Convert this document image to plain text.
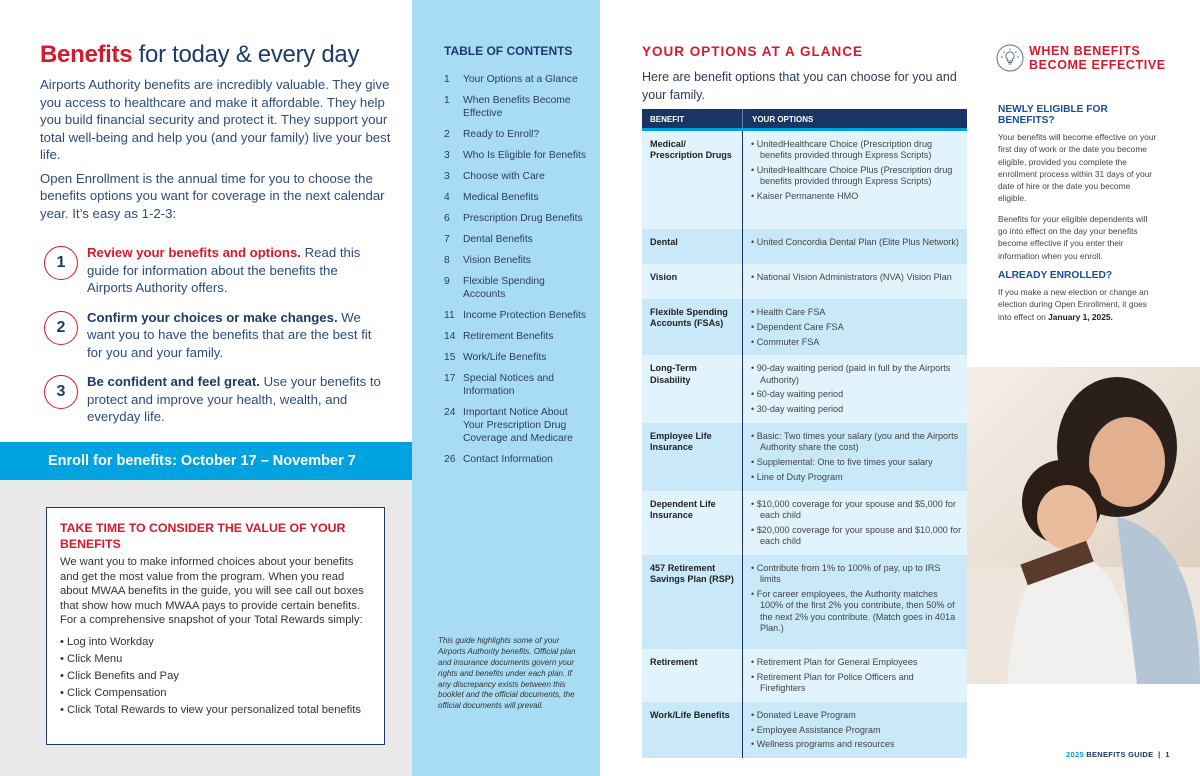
Benefits for today & every day

Airports Authority benefits are incredibly valuable. They give you access to healthcare and make it affordable. They help you build financial security and protect it. They support your total well-being and help you (and your family) live your best life.

Open Enrollment is the annual time for you to choose the benefits options you want for coverage in the next calendar year. It’s easy as 1-2-3:

1

Review your benefits and options. Read this guide for information about the benefits the Airports Authority offers.

2

Confirm your choices or make changes. We want you to have the benefits that are the best fit for you and your family.

3

Be confident and feel great. Use your benefits to protect and improve your health, wealth, and everyday life.

Enroll for benefits: October 17 – November 7
TAKE TIME TO CONSIDER THE VALUE OF YOUR BENEFITS

We want you to make informed choices about your benefits and get the most value from the program. When you read about MWAA benefits in the guide, you will see call out boxes that show how much MWAA pays to provide certain benefits. For a comprehensive snapshot of your Total Rewards simply:

• Log into Workday
• Click Menu
• Click Benefits and Pay
• Click Compensation
• Click Total Rewards to view your personalized total benefits
TABLE OF CONTENTS
1	Your Options at a Glance
1	When Benefits Become Effective
2	Ready to Enroll?
3	Who Is Eligible for Benefits
3	Choose with Care
4	Medical Benefits
6	Prescription Drug Benefits
7	Dental Benefits
8	Vision Benefits
9	Flexible Spending Accounts
11 Income Protection Benefits
14 Retirement Benefits
15 Work/Life Benefits
17 Special Notices and Information
24 Important Notice About Your Prescription Drug Coverage and Medicare
26 Contact Information

This guide highlights some of your Airports Authority benefits. Official plan and insurance documents govern your rights and benefits under each plan. If any discrepancy exists between this booklet and the official documents, the official documents will prevail.

YOUR OPTIONS AT A GLANCE

Here are benefit options that you can choose for you and your family.

BENEFIT	YOUR OPTIONS
Medical/ Prescription Drugs
• UnitedHealthcare Choice (Prescription drug benefits provided through Express Scripts)
• UnitedHealthcare Choice Plus (Prescription drug benefits provided through Express Scripts)
• Kaiser Permanente HMO
Dental	• United Concordia Dental Plan (Elite Plus Network)
Vision	• National Vision Administrators (NVA) Vision Plan
Flexible Spending Accounts (FSAs)
• Health Care FSA
• Dependent Care FSA
• Commuter FSA
Long-Term Disability
• 90-day waiting period (paid in full by the Airports Authority)
• 60-day waiting period
• 30-day waiting period
Employee Life Insurance
• Basic: Two times your salary (you and the Airports Authority share the cost)
• Supplemental: One to five times your salary
• Line of Duty Program
Dependent Life Insurance
• $10,000 coverage for your spouse and $5,000 for each child
• $20,000 coverage for your spouse and $10,000 for each child
457 Retirement Savings Plan (RSP)
• Contribute from 1% to 100% of pay, up to IRS limits
• For career employees, the Authority matches 100% of the first 2% you contribute, then 50% of the next 2% you contribute. (Match goes in 401a Plan.)
Retirement	• Retirement Plan for General Employees
• Retirement Plan for Police Officers and Firefighters
Work/Life Benefits	• Donated Leave Program
• Employee Assistance Program
• Wellness programs and resources
WHEN BENEFITS BECOME EFFECTIVE
NEWLY ELIGIBLE FOR BENEFITS?

Your benefits will become effective on your first day of work or the date you become eligible, provided you complete the enrollment process within 31 days of your date of hire or the date you become eligible.

Benefits for your eligible dependents will go into effect on the day your benefits become effective if you enter their information when you enroll.

ALREADY ENROLLED?

If you make a new election or change an election during Open Enrollment, it goes into effect on January 1, 2025.

2025 BENEFITS GUIDE  |  1
